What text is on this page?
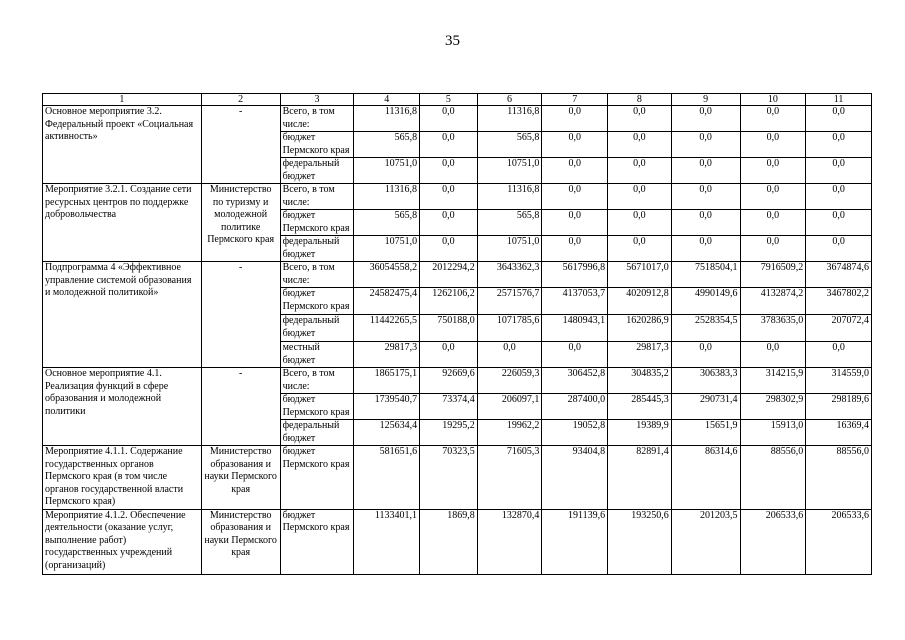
35
1	2	3	4	5	6	7	8	9	10	11
Основное мероприятие 3.2. Федеральный проект «Социальная активность»	-	Всего, в том числе:	11316,8	0,0	11316,8	0,0	0,0	0,0	0,0	0,0
		бюджет Пермского края	565,8	0,0	565,8	0,0	0,0	0,0	0,0	0,0
		федеральный бюджет	10751,0	0,0	10751,0	0,0	0,0	0,0	0,0	0,0
Мероприятие 3.2.1. Создание сети ресурсных центров по поддержке добровольчества	Министерство по туризму и молодежной политике Пермского края	Всего, в том числе:	11316,8	0,0	11316,8	0,0	0,0	0,0	0,0	0,0
		бюджет Пермского края	565,8	0,0	565,8	0,0	0,0	0,0	0,0	0,0
		федеральный бюджет	10751,0	0,0	10751,0	0,0	0,0	0,0	0,0	0,0
Подпрограмма 4 «Эффективное управление системой образования и молодежной политикой»	-	Всего, в том числе:	36054558,2	2012294,2	3643362,3	5617996,8	5671017,0	7518504,1	7916509,2	3674874,6
		бюджет Пермского края	24582475,4	1262106,2	2571576,7	4137053,7	4020912,8	4990149,6	4132874,2	3467802,2
		федеральный бюджет	11442265,5	750188,0	1071785,6	1480943,1	1620286,9	2528354,5	3783635,0	207072,4
		местный бюджет	29817,3	0,0	0,0	0,0	29817,3	0,0	0,0	0,0
Основное мероприятие 4.1. Реализация функций в сфере образования и молодежной политики	-	Всего, в том числе:	1865175,1	92669,6	226059,3	306452,8	304835,2	306383,3	314215,9	314559,0
		бюджет Пермского края	1739540,7	73374,4	206097,1	287400,0	285445,3	290731,4	298302,9	298189,6
		федеральный бюджет	125634,4	19295,2	19962,2	19052,8	19389,9	15651,9	15913,0	16369,4
Мероприятие 4.1.1. Содержание государственных органов Пермского края (в том числе органов государственной власти Пермского края)	Министерство образования и науки Пермского края	бюджет Пермского края	581651,6	70323,5	71605,3	93404,8	82891,4	86314,6	88556,0	88556,0
Мероприятие 4.1.2. Обеспечение деятельности (оказание услуг, выполнение работ) государственных учреждений (организаций)	Министерство образования и науки Пермского края	бюджет Пермского края	1133401,1	1869,8	132870,4	191139,6	193250,6	201203,5	206533,6	206533,6
